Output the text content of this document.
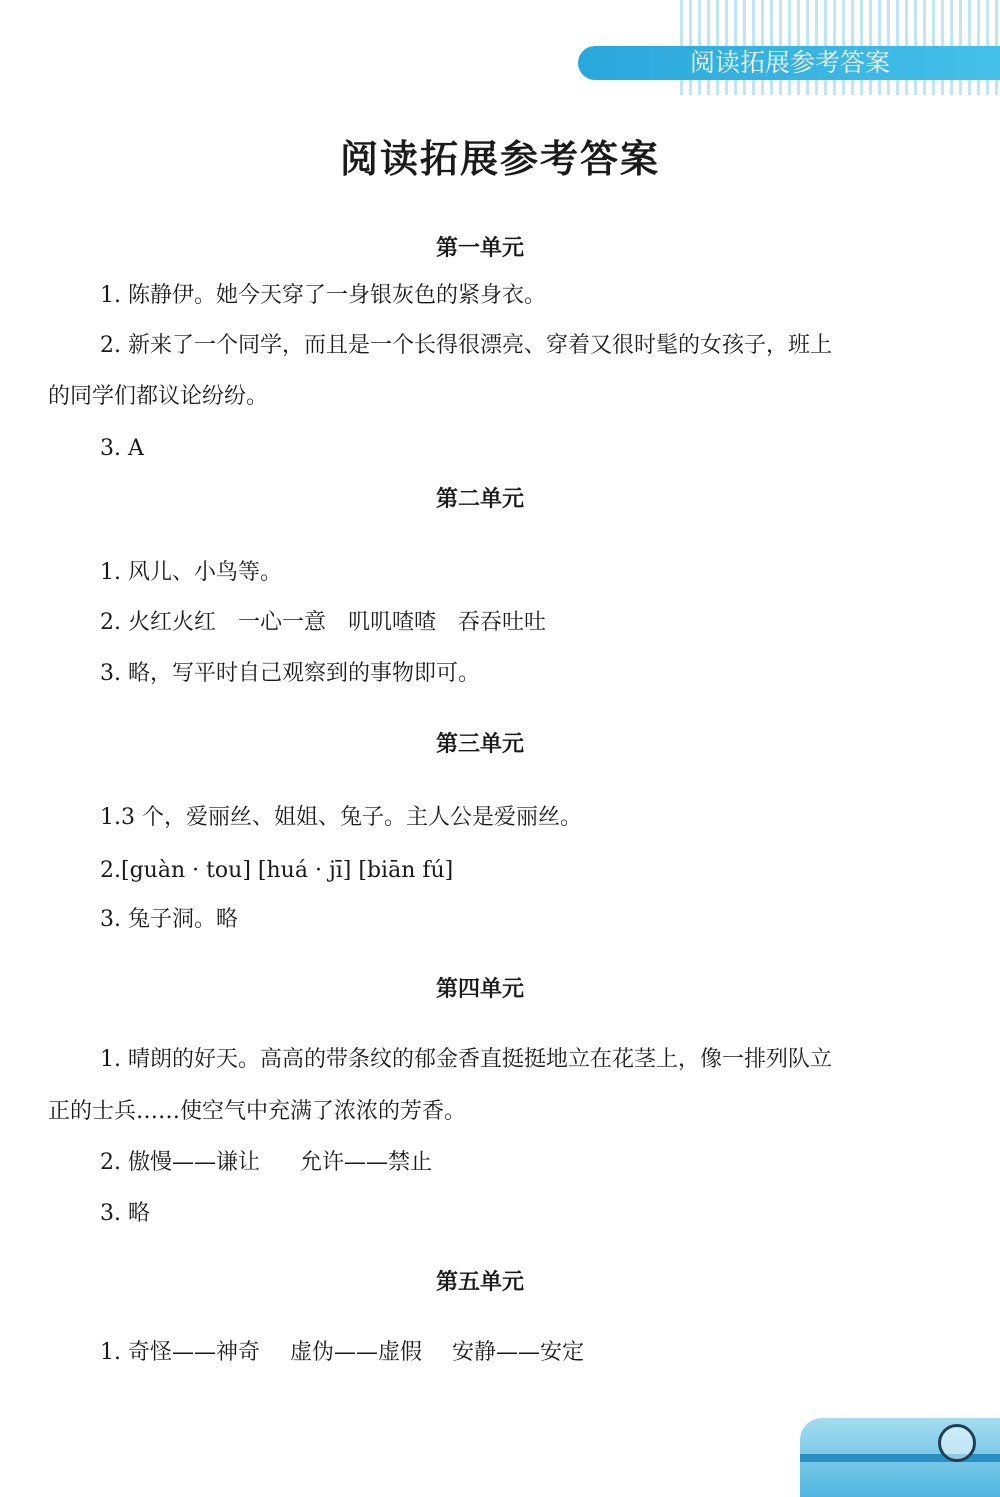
阅读拓展参考答案
阅读拓展参考答案
第一单元
1. 陈静伊。她今天穿了一身银灰色的紧身衣。
2. 新来了一个同学，而且是一个长得很漂亮、穿着又很时髦的女孩子，班上
的同学们都议论纷纷。
3. A
第二单元
1. 风儿、小鸟等。
2. 火红火红 一心一意 叽叽喳喳 吞吞吐吐
3. 略，写平时自己观察到的事物即可。
第三单元
1.3 个，爱丽丝、姐姐、兔子。主人公是爱丽丝。
2.[guàn · tou] [huá · jī] [biān fú]
3. 兔子洞。略
第四单元
1. 晴朗的好天。高高的带条纹的郁金香直挺挺地立在花茎上，像一排列队立
正的士兵……使空气中充满了浓浓的芳香。
2. 傲慢——谦让 允许——禁止
3. 略
第五单元
1. 奇怪——神奇 虚伪——虚假 安静——安定
